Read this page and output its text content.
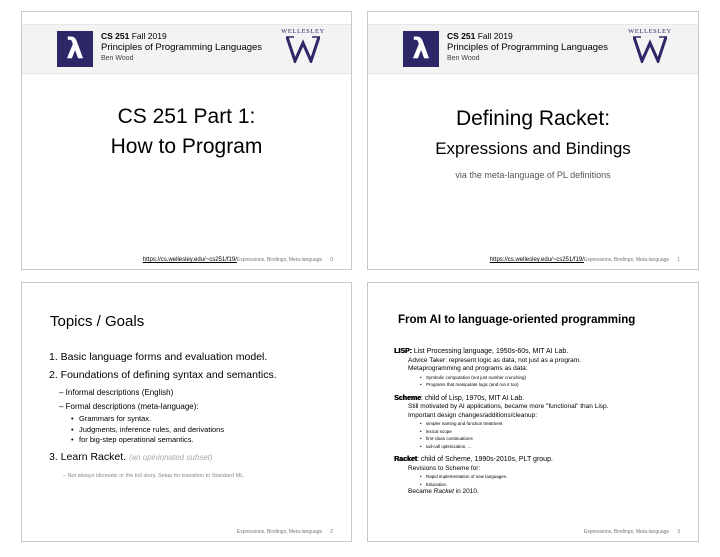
λ	CS 251 Fall 2019
Principles of Programming Languages
Ben Wood
WELLESLEY
CS 251 Part 1:
How to Program
https://cs.wellesley.edu/~cs251/f19/Expressions, Bindings, Meta-language 0
λ	CS 251 Fall 2019
Principles of Programming Languages
Ben Wood
WELLESLEY
Defining Racket:
Expressions and Bindings
via the meta-language of PL definitions
https://cs.wellesley.edu/~cs251/f19/Expressions, Bindings, Meta-language 1
Topics / Goals
1. Basic language forms and evaluation model.
2. Foundations of defining syntax and semantics.
– Informal descriptions (English)
– Formal descriptions (meta-language):
• Grammars for syntax.
• Judgments, inference rules, and derivations
• for big-step operational semantics.
3. Learn Racket. (an opinionated subset)
– Not always idiomatic or the full story. Setup for transition to Standard ML.
Expressions, Bindings, Meta-language 2
From AI to language-oriented programming
LISP: List Processing language, 1950s-60s, MIT AI Lab.
Advice Taker: represent logic as data, not just as a program.
Metaprogramming and programs as data:
• Symbolic computation (not just number crunching)
• Programs that manipulate logic (and run it too)
Scheme: child of Lisp, 1970s, MIT AI Lab.
Still motivated by AI applications, became more "functional" than Lisp.
Important design changes/additions/cleanup:
• simpler naming and function treatment
• lexical scope
• first-class continuations
• tail-call optimization, ...
Racket: child of Scheme, 1990s-2010s, PLT group.
Revisions to Scheme for:
• Rapid implementation of new languages.
• Education.
Became Racket in 2010.
Expressions, Bindings, Meta-language 3
